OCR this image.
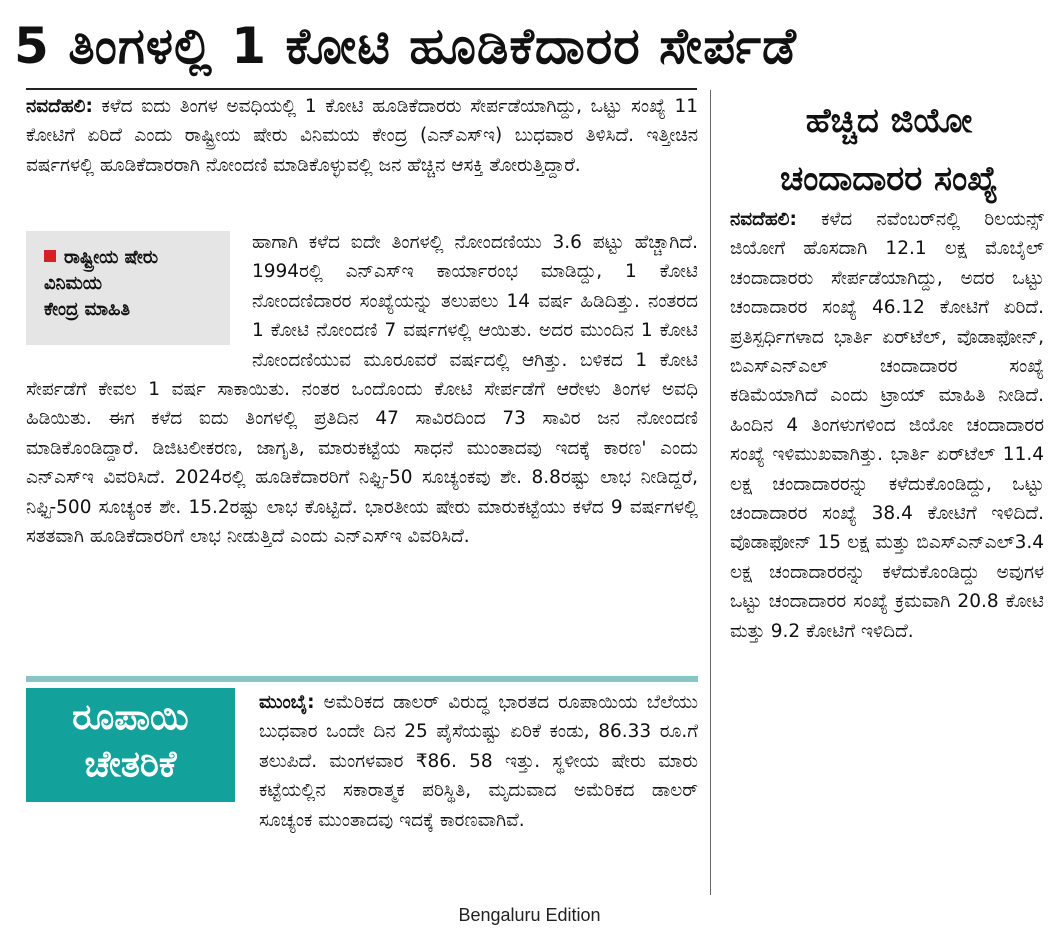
5 ತಿಂಗಳಲ್ಲಿ 1 ಕೋಟಿ ಹೂಡಿಕೆದಾರರ ಸೇರ್ಪಡೆ
ನವದೆಹಲಿ: ಕಳೆದ ಐದು ತಿಂಗಳ ಅವಧಿಯಲ್ಲಿ 1 ಕೋಟಿ ಹೂಡಿಕೆದಾರರು ಸೇರ್ಪಡೆಯಾಗಿದ್ದು, ಒಟ್ಟು ಸಂಖ್ಯೆ 11 ಕೋಟಿಗೆ ಏರಿದೆ ಎಂದು ರಾಷ್ಟ್ರೀಯ ಷೇರು ವಿನಿಮಯ ಕೇಂದ್ರ (ಎನ್‌ಎಸ್‌ಇ) ಬುಧವಾರ ತಿಳಿಸಿದೆ. ಇತ್ತೀಚಿನ ವರ್ಷಗಳಲ್ಲಿ ಹೂಡಿಕೆದಾರರಾಗಿ ನೋಂದಣಿ ಮಾಡಿಕೊಳ್ಳುವಲ್ಲಿ ಜನ ಹೆಚ್ಚಿನ ಆಸಕ್ತಿ ತೋರುತ್ತಿದ್ದಾರೆ.
ರಾಷ್ಟ್ರೀಯ ಷೇರು
ವಿನಿಮಯ
ಕೇಂದ್ರ ಮಾಹಿತಿ
ಹಾಗಾಗಿ ಕಳೆದ ಐದೇ ತಿಂಗಳಲ್ಲಿ ನೋಂದಣಿಯು 3.6 ಪಟ್ಟು ಹೆಚ್ಚಾಗಿದೆ. 1994ರಲ್ಲಿ ಎನ್‌ಎಸ್‌ಇ ಕಾರ್ಯಾರಂಭ ಮಾಡಿದ್ದು, 1 ಕೋಟಿ ನೋಂದಣಿದಾರರ ಸಂಖ್ಯೆಯನ್ನು ತಲುಪಲು 14 ವರ್ಷ ಹಿಡಿದಿತ್ತು. ನಂತರದ 1 ಕೋಟಿ ನೋಂದಣಿ 7 ವರ್ಷಗಳಲ್ಲಿ ಆಯಿತು. ಅದರ ಮುಂದಿನ 1 ಕೋಟಿ ನೋಂದಣಿಯುವ ಮೂರೂವರೆ ವರ್ಷದಲ್ಲಿ ಆಗಿತ್ತು. ಬಳಿಕದ 1 ಕೋಟಿ ಸೇರ್ಪಡೆಗೆ ಕೇವಲ 1 ವರ್ಷ ಸಾಕಾಯಿತು. ನಂತರ ಒಂದೊಂದು ಕೋಟಿ ಸೇರ್ಪಡೆಗೆ ಆರೇಳು ತಿಂಗಳ ಅವಧಿ ಹಿಡಿಯಿತು. ಈಗ ಕಳೆದ ಐದು ತಿಂಗಳಲ್ಲಿ ಪ್ರತಿದಿನ 47 ಸಾವಿರದಿಂದ 73 ಸಾವಿರ ಜನ ನೋಂದಣಿ ಮಾಡಿಕೊಂಡಿದ್ದಾರೆ. ಡಿಜಿಟಲೀಕರಣ, ಜಾಗೃತಿ, ಮಾರುಕಟ್ಟೆಯ ಸಾಧನೆ ಮುಂತಾದವು ಇದಕ್ಕೆ ಕಾರಣ' ಎಂದು ಎನ್‌ಎಸ್‌ಇ ವಿವರಿಸಿದೆ. 2024ರಲ್ಲಿ ಹೂಡಿಕೆದಾರರಿಗೆ ನಿಫ್ಟಿ-50 ಸೂಚ್ಯಂಕವು ಶೇ. 8.8ರಷ್ಟು ಲಾಭ ನೀಡಿದ್ದರೆ, ನಿಫ್ಟಿ-500 ಸೂಚ್ಯಂಕ ಶೇ. 15.2ರಷ್ಟು ಲಾಭ ಕೊಟ್ಟಿದೆ. ಭಾರತೀಯ ಷೇರು ಮಾರುಕಟ್ಟೆಯು ಕಳೆದ 9 ವರ್ಷಗಳಲ್ಲಿ ಸತತವಾಗಿ ಹೂಡಿಕೆದಾರರಿಗೆ ಲಾಭ ನೀಡುತ್ತಿದೆ ಎಂದು ಎನ್‌ಎಸ್‌ಇ ವಿವರಿಸಿದೆ.
ರೂಪಾಯಿ
ಚೇತರಿಕೆ
ಮುಂಬೈ: ಅಮೆರಿಕದ ಡಾಲರ್ ವಿರುದ್ಧ ಭಾರತದ ರೂಪಾಯಿಯ ಬೆಲೆಯು ಬುಧವಾರ ಒಂದೇ ದಿನ 25 ಪೈಸೆಯಷ್ಟು ಏರಿಕೆ ಕಂಡು, 86.33 ರೂ.ಗೆ ತಲುಪಿದೆ. ಮಂಗಳವಾರ ₹86. 58 ಇತ್ತು. ಸ್ಥಳೀಯ ಷೇರು ಮಾರು ಕಟ್ಟೆಯಲ್ಲಿನ ಸಕಾರಾತ್ಮಕ ಪರಿಸ್ಥಿತಿ, ಮೃದುವಾದ ಅಮೆರಿಕದ ಡಾಲರ್ ಸೂಚ್ಯಂಕ ಮುಂತಾದವು ಇದಕ್ಕೆ ಕಾರಣವಾಗಿವೆ.
ಹೆಚ್ಚಿದ ಜಿಯೋ
ಚಂದಾದಾರರ ಸಂಖ್ಯೆ
ನವದೆಹಲಿ: ಕಳೆದ ನವೆಂಬರ್‌ನಲ್ಲಿ ರಿಲಯನ್ಸ್ ಜಿಯೋಗೆ ಹೊಸದಾಗಿ 12.1 ಲಕ್ಷ ಮೊಬೈಲ್ ಚಂದಾದಾರರು ಸೇರ್ಪಡೆಯಾಗಿದ್ದು, ಅದರ ಒಟ್ಟು ಚಂದಾದಾರರ ಸಂಖ್ಯೆ 46.12 ಕೋಟಿಗೆ ಏರಿದೆ. ಪ್ರತಿಸ್ಪರ್ಧಿಗಳಾದ ಭಾರ್ತಿ ಏರ್‌ಟೆಲ್, ವೊಡಾಫೋನ್, ಬಿಎಸ್‌ಎನ್‌ಎಲ್ ಚಂದಾದಾರರ ಸಂಖ್ಯೆ ಕಡಿಮೆಯಾಗಿದೆ ಎಂದು ಟ್ರಾಯ್ ಮಾಹಿತಿ ನೀಡಿದೆ. ಹಿಂದಿನ 4 ತಿಂಗಳುಗಳಿಂದ ಜಿಯೋ ಚಂದಾದಾರರ ಸಂಖ್ಯೆ ಇಳಿಮುಖವಾಗಿತ್ತು. ಭಾರ್ತಿ ಏರ್‌ಟೆಲ್ 11.4 ಲಕ್ಷ ಚಂದಾದಾರರನ್ನು ಕಳೆದುಕೊಂಡಿದ್ದು, ಒಟ್ಟು ಚಂದಾದಾರರ ಸಂಖ್ಯೆ 38.4 ಕೋಟಿಗೆ ಇಳಿದಿದೆ. ವೊಡಾಫೋನ್ 15 ಲಕ್ಷ ಮತ್ತು ಬಿಎಸ್‌ಎನ್‌ಎಲ್3.4 ಲಕ್ಷ ಚಂದಾದಾರರನ್ನು ಕಳೆದುಕೊಂಡಿದ್ದು ಅವುಗಳ ಒಟ್ಟು ಚಂದಾದಾರರ ಸಂಖ್ಯೆ ಕ್ರಮವಾಗಿ 20.8 ಕೋಟಿ ಮತ್ತು 9.2 ಕೋಟಿಗೆ ಇಳಿದಿದೆ.
Bengaluru Edition
